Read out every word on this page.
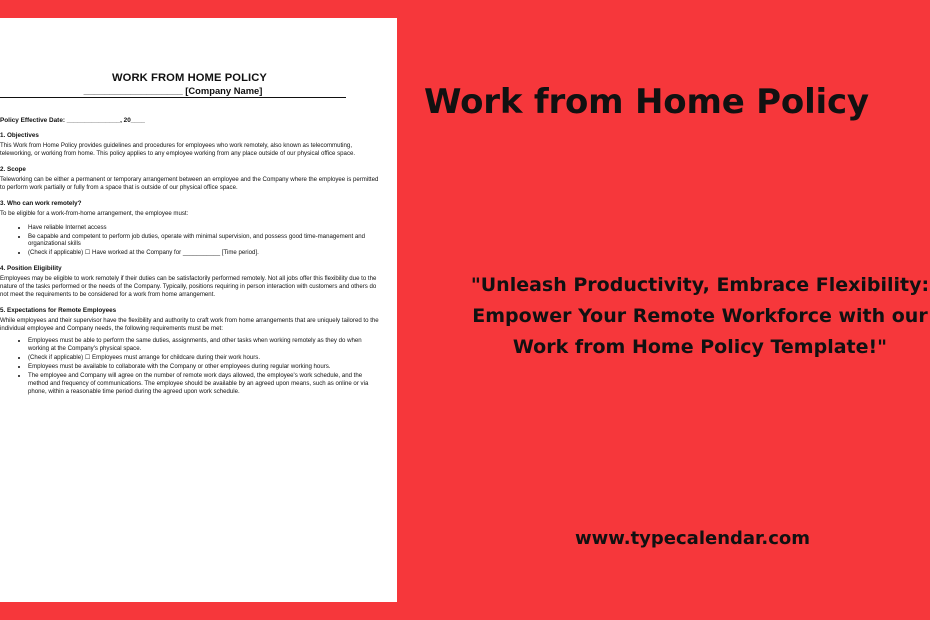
WORK FROM HOME POLICY
___________________ [Company Name]
Policy Effective Date: _______________, 20____
1. Objectives

This Work from Home Policy provides guidelines and procedures for employees who work remotely, also known as telecommuting, teleworking, or working from home. This policy applies to any employee working from any place outside of our physical office space.

2. Scope

Teleworking can be either a permanent or temporary arrangement between an employee and the Company where the employee is permitted to perform work partially or fully from a space that is outside of our physical office space.

3. Who can work remotely?

To be eligible for a work-from-home arrangement, the employee must:

• Have reliable Internet access
• Be capable and competent to perform job duties, operate with minimal supervision, and possess good time-management and organizational skills
• (Check if applicable) ☐ Have worked at the Company for ___________ [Time period].
4. Position Eligibility

Employees may be eligible to work remotely if their duties can be satisfactorily performed remotely. Not all jobs offer this flexibility due to the nature of the tasks performed or the needs of the Company. Typically, positions requiring in person interaction with customers and others do not meet the requirements to be considered for a work from home arrangement.

5. Expectations for Remote Employees

While employees and their supervisor have the flexibility and authority to craft work from home arrangements that are uniquely tailored to the individual employee and Company needs, the following requirements must be met:

• Employees must be able to perform the same duties, assignments, and other tasks when working remotely as they do when working at the Company's physical space.
• (Check if applicable) ☐ Employees must arrange for childcare during their work hours.
• Employees must be available to collaborate with the Company or other employees during regular working hours.
• The employee and Company will agree on the number of remote work days allowed, the employee's work schedule, and the method and frequency of communications. The employee should be available by an agreed upon means, such as online or via phone, within a reasonable time period during the agreed upon work schedule.
Work from Home Policy
"Unleash Productivity, Embrace Flexibility:
Empower Your Remote Workforce with our
Work from Home Policy Template!"
www.typecalendar.com
